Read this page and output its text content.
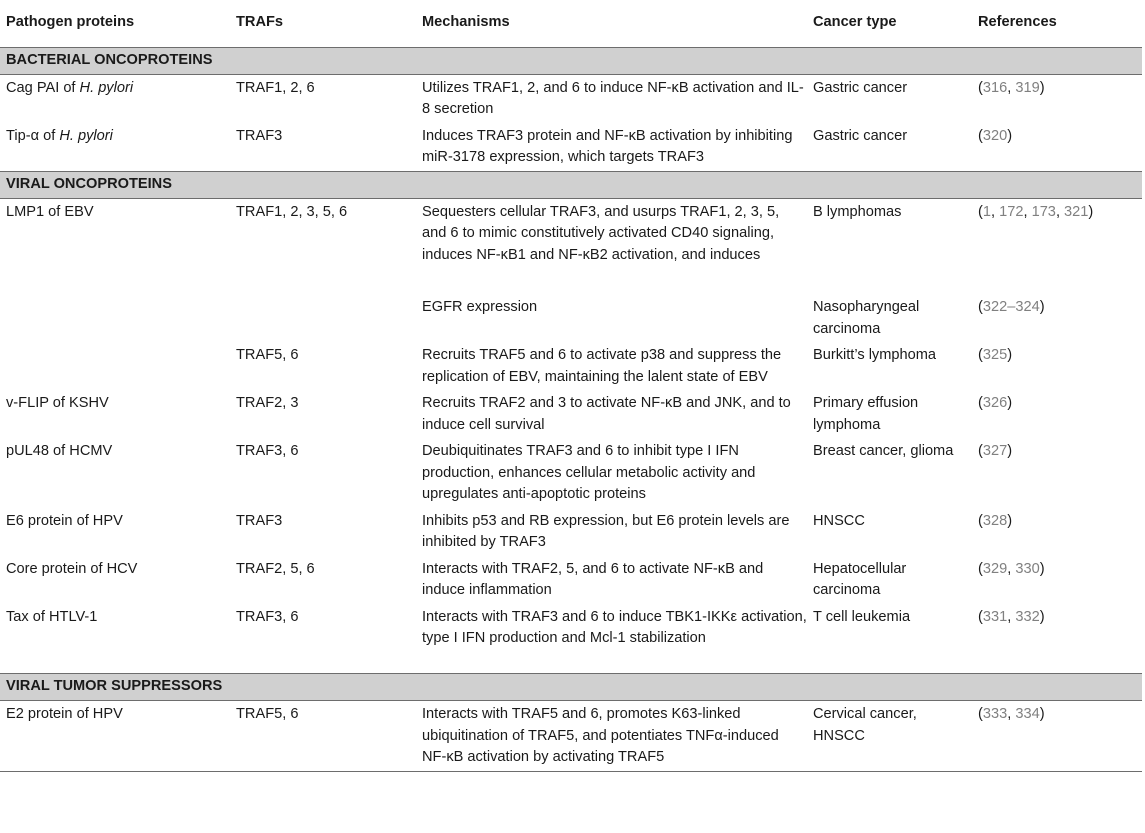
Pathogen proteins	TRAFs	Mechanisms	Cancer type	References
BACTERIAL ONCOPROTEINS				
Cag PAI of H. pylori	TRAF1, 2, 6	Utilizes TRAF1, 2, and 6 to induce NF-κB activation and IL-8 secretion	Gastric cancer	(316, 319)
Tip-α of H. pylori	TRAF3	Induces TRAF3 protein and NF-κB activation by inhibiting miR-3178 expression, which targets TRAF3	Gastric cancer	(320)
VIRAL ONCOPROTEINS				
LMP1 of EBV	TRAF1, 2, 3, 5, 6	Sequesters cellular TRAF3, and usurps TRAF1, 2, 3, 5, and 6 to mimic constitutively activated CD40 signaling, induces NF-κB1 and NF-κB2 activation, and induces	B lymphomas	(1, 172, 173, 321)
		EGFR expression	Nasopharyngeal carcinoma	(322–324)
	TRAF5, 6	Recruits TRAF5 and 6 to activate p38 and suppress the replication of EBV, maintaining the lalent state of EBV	Burkitt’s lymphoma	(325)
v-FLIP of KSHV	TRAF2, 3	Recruits TRAF2 and 3 to activate NF-κB and JNK, and to induce cell survival	Primary effusion lymphoma	(326)
pUL48 of HCMV	TRAF3, 6	Deubiquitinates TRAF3 and 6 to inhibit type I IFN production, enhances cellular metabolic activity and upregulates anti-apoptotic proteins	Breast cancer, glioma	(327)
E6 protein of HPV	TRAF3	Inhibits p53 and RB expression, but E6 protein levels are inhibited by TRAF3	HNSCC	(328)
Core protein of HCV	TRAF2, 5, 6	Interacts with TRAF2, 5, and 6 to activate NF-κB and induce inflammation	Hepatocellular carcinoma	(329, 330)
Tax of HTLV-1	TRAF3, 6	Interacts with TRAF3 and 6 to induce TBK1-IKKε activation, type I IFN production and Mcl-1 stabilization	T cell leukemia	(331, 332)
VIRAL TUMOR SUPPRESSORS				
E2 protein of HPV	TRAF5, 6	Interacts with TRAF5 and 6, promotes K63-linked ubiquitination of TRAF5, and potentiates TNFα-induced NF-κB activation by activating TRAF5	Cervical cancer, HNSCC	(333, 334)
